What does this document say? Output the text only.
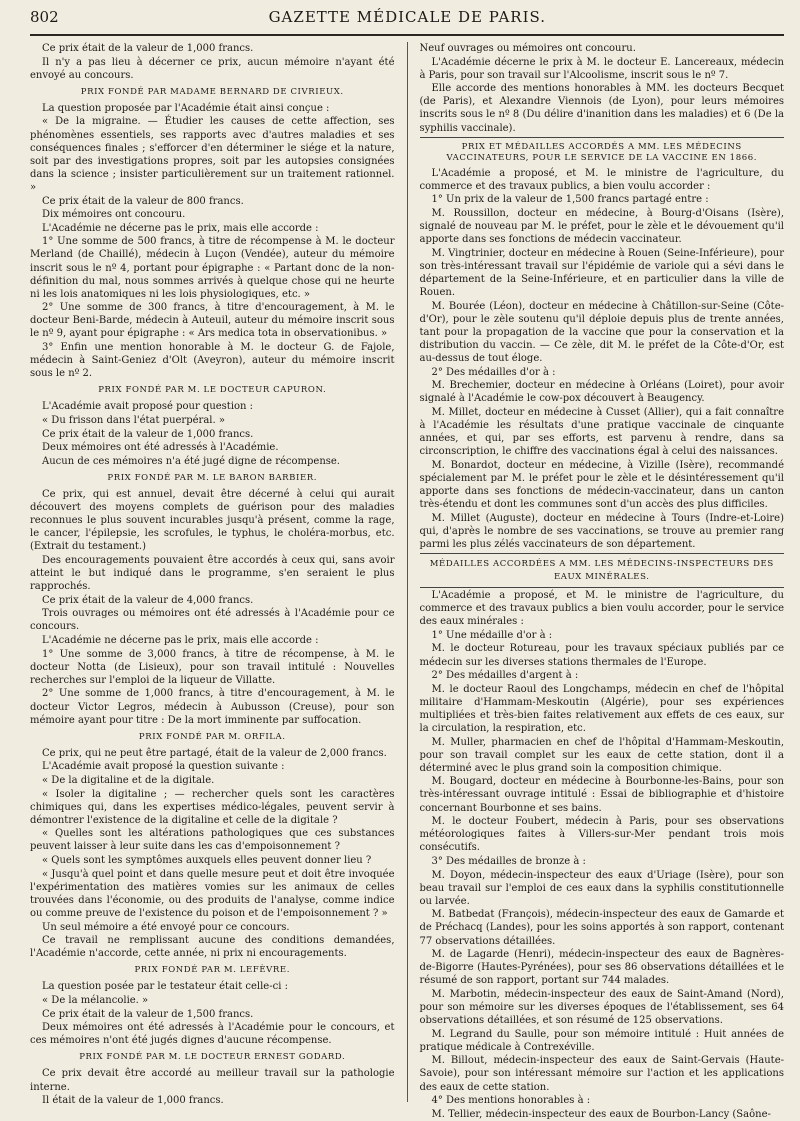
802	GAZETTE MÉDICALE DE PARIS.

Ce prix était de la valeur de 1,000 francs.

Il n'y a pas lieu à décerner ce prix, aucun mémoire n'ayant été envoyé au concours.

PRIX FONDÉ PAR MADAME BERNARD DE CIVRIEUX.

La question proposée par l'Académie était ainsi conçue :

« De la migraine. — Étudier les causes de cette affection, ses phénomènes essentiels, ses rapports avec d'autres maladies et ses conséquences finales ; s'efforcer d'en déterminer le siége et la nature, soit par des investigations propres, soit par les autopsies consignées dans la science ; insister particulièrement sur un traitement rationnel. »

Ce prix était de la valeur de 800 francs.

Dix mémoires ont concouru.

L'Académie ne décerne pas le prix, mais elle accorde :

1° Une somme de 500 francs, à titre de récompense à M. le docteur Merland (de Chaillé), médecin à Luçon (Vendée), auteur du mémoire inscrit sous le nº 4, portant pour épigraphe : « Partant donc de la non-définition du mal, nous sommes arrivés à quelque chose qui ne heurte ni les lois anatomiques ni les lois physiologiques, etc. »

2° Une somme de 300 francs, à titre d'encouragement, à M. le docteur Beni-Barde, médecin à Auteuil, auteur du mémoire inscrit sous le nº 9, ayant pour épigraphe : « Ars medica tota in observationibus. »

3° Enfin une mention honorable à M. le docteur G. de Fajole, médecin à Saint-Geniez d'Olt (Aveyron), auteur du mémoire inscrit sous le nº 2.

PRIX FONDÉ PAR M. LE DOCTEUR CAPURON.

L'Académie avait proposé pour question :

« Du frisson dans l'état puerpéral. »

Ce prix était de la valeur de 1,000 francs.

Deux mémoires ont été adressés à l'Académie.

Aucun de ces mémoires n'a été jugé digne de récompense.

PRIX FONDÉ PAR M. LE BARON BARBIER.

Ce prix, qui est annuel, devait être décerné à celui qui aurait découvert des moyens complets de guérison pour des maladies reconnues le plus souvent incurables jusqu'à présent, comme la rage, le cancer, l'épilepsie, les scrofules, le typhus, le choléra-morbus, etc. (Extrait du testament.)

Des encouragements pouvaient être accordés à ceux qui, sans avoir atteint le but indiqué dans le programme, s'en seraient le plus rapprochés.

Ce prix était de la valeur de 4,000 francs.

Trois ouvrages ou mémoires ont été adressés à l'Académie pour ce concours.

L'Académie ne décerne pas le prix, mais elle accorde :

1° Une somme de 3,000 francs, à titre de récompense, à M. le docteur Notta (de Lisieux), pour son travail intitulé : Nouvelles recherches sur l'emploi de la liqueur de Villatte.

2° Une somme de 1,000 francs, à titre d'encouragement, à M. le docteur Victor Legros, médecin à Aubusson (Creuse), pour son mémoire ayant pour titre : De la mort imminente par suffocation.

PRIX FONDÉ PAR M. ORFILA.

Ce prix, qui ne peut être partagé, était de la valeur de 2,000 francs.

L'Académie avait proposé la question suivante :

« De la digitaline et de la digitale.

« Isoler la digitaline ; — rechercher quels sont les caractères chimiques qui, dans les expertises médico-légales, peuvent servir à démontrer l'existence de la digitaline et celle de la digitale ?

« Quelles sont les altérations pathologiques que ces substances peuvent laisser à leur suite dans les cas d'empoisonnement ?

« Quels sont les symptômes auxquels elles peuvent donner lieu ?

« Jusqu'à quel point et dans quelle mesure peut et doit être invoquée l'expérimentation des matières vomies sur les animaux de celles trouvées dans l'économie, ou des produits de l'analyse, comme indice ou comme preuve de l'existence du poison et de l'empoisonnement ? »

Un seul mémoire a été envoyé pour ce concours.

Ce travail ne remplissant aucune des conditions demandées, l'Académie n'accorde, cette année, ni prix ni encouragements.

PRIX FONDÉ PAR M. LEFÈVRE.

La question posée par le testateur était celle-ci :

« De la mélancolie. »

Ce prix était de la valeur de 1,500 francs.

Deux mémoires ont été adressés à l'Académie pour le concours, et ces mémoires n'ont été jugés dignes d'aucune récompense.

PRIX FONDÉ PAR M. LE DOCTEUR ERNEST GODARD.

Ce prix devait être accordé au meilleur travail sur la pathologie interne.

Il était de la valeur de 1,000 francs.

Neuf ouvrages ou mémoires ont concouru.

L'Académie décerne le prix à M. le docteur E. Lancereaux, médecin à Paris, pour son travail sur l'Alcoolisme, inscrit sous le nº 7.

Elle accorde des mentions honorables à MM. les docteurs Becquet (de Paris), et Alexandre Viennois (de Lyon), pour leurs mémoires inscrits sous le nº 8 (Du délire d'inanition dans les maladies) et 6 (De la syphilis vaccinale).

PRIX ET MÉDAILLES ACCORDÉS A MM. LES MÉDECINS VACCINATEURS, POUR LE SERVICE DE LA VACCINE EN 1866.

L'Académie a proposé, et M. le ministre de l'agriculture, du commerce et des travaux publics, a bien voulu accorder :

1° Un prix de la valeur de 1,500 francs partagé entre :

M. Roussillon, docteur en médecine, à Bourg-d'Oisans (Isère), signalé de nouveau par M. le préfet, pour le zèle et le dévouement qu'il apporte dans ses fonctions de médecin vaccinateur.

M. Vingtrinier, docteur en médecine à Rouen (Seine-Inférieure), pour son très-intéressant travail sur l'épidémie de variole qui a sévi dans le département de la Seine-Inférieure, et en particulier dans la ville de Rouen.

M. Bourée (Léon), docteur en médecine à Châtillon-sur-Seine (Côte-d'Or), pour le zèle soutenu qu'il déploie depuis plus de trente années, tant pour la propagation de la vaccine que pour la conservation et la distribution du vaccin. — Ce zèle, dit M. le préfet de la Côte-d'Or, est au-dessus de tout éloge.

2° Des médailles d'or à :

M. Brechemier, docteur en médecine à Orléans (Loiret), pour avoir signalé à l'Académie le cow-pox découvert à Beaugency.

M. Millet, docteur en médecine à Cusset (Allier), qui a fait connaître à l'Académie les résultats d'une pratique vaccinale de cinquante années, et qui, par ses efforts, est parvenu à rendre, dans sa circonscription, le chiffre des vaccinations égal à celui des naissances.

M. Bonardot, docteur en médecine, à Vizille (Isère), recommandé spécialement par M. le préfet pour le zèle et le désintéressement qu'il apporte dans ses fonctions de médecin-vaccinateur, dans un canton très-étendu et dont les communes sont d'un accès des plus difficiles.

M. Millet (Auguste), docteur en médecine à Tours (Indre-et-Loire) qui, d'après le nombre de ses vaccinations, se trouve au premier rang parmi les plus zélés vaccinateurs de son département.

MÉDAILLES ACCORDÉES A MM. LES MÉDECINS-INSPECTEURS DES EAUX MINÉRALES.

L'Académie a proposé, et M. le ministre de l'agriculture, du commerce et des travaux publics a bien voulu accorder, pour le service des eaux minérales :

1° Une médaille d'or à :

M. le docteur Rotureau, pour les travaux spéciaux publiés par ce médecin sur les diverses stations thermales de l'Europe.

2° Des médailles d'argent à :

M. le docteur Raoul des Longchamps, médecin en chef de l'hôpital militaire d'Hammam-Meskoutin (Algérie), pour ses expériences multipliées et très-bien faites relativement aux effets de ces eaux, sur la circulation, la respiration, etc.

M. Muller, pharmacien en chef de l'hôpital d'Hammam-Meskoutin, pour son travail complet sur les eaux de cette station, dont il a déterminé avec le plus grand soin la composition chimique.

M. Bougard, docteur en médecine à Bourbonne-les-Bains, pour son très-intéressant ouvrage intitulé : Essai de bibliographie et d'histoire concernant Bourbonne et ses bains.

M. le docteur Foubert, médecin à Paris, pour ses observations météorologiques faites à Villers-sur-Mer pendant trois mois consécutifs.

3° Des médailles de bronze à :

M. Doyon, médecin-inspecteur des eaux d'Uriage (Isère), pour son beau travail sur l'emploi de ces eaux dans la syphilis constitutionnelle ou larvée.

M. Batbedat (François), médecin-inspecteur des eaux de Gamarde et de Préchacq (Landes), pour les soins apportés à son rapport, contenant 77 observations détaillées.

M. de Lagarde (Henri), médecin-inspecteur des eaux de Bagnères-de-Bigorre (Hautes-Pyrénées), pour ses 86 observations détaillées et le résumé de son rapport, portant sur 744 malades.

M. Marbotin, médecin-inspecteur des eaux de Saint-Amand (Nord), pour son mémoire sur les diverses époques de l'établissement, ses 64 observations détaillées, et son résumé de 125 observations.

M. Legrand du Saulle, pour son mémoire intitulé : Huit années de pratique médicale à Contrexéville.

M. Billout, médecin-inspecteur des eaux de Saint-Gervais (Haute-Savoie), pour son intéressant mémoire sur l'action et les applications des eaux de cette station.

4° Des mentions honorables à :

M. Tellier, médecin-inspecteur des eaux de Bourbon-Lancy (Saône-
